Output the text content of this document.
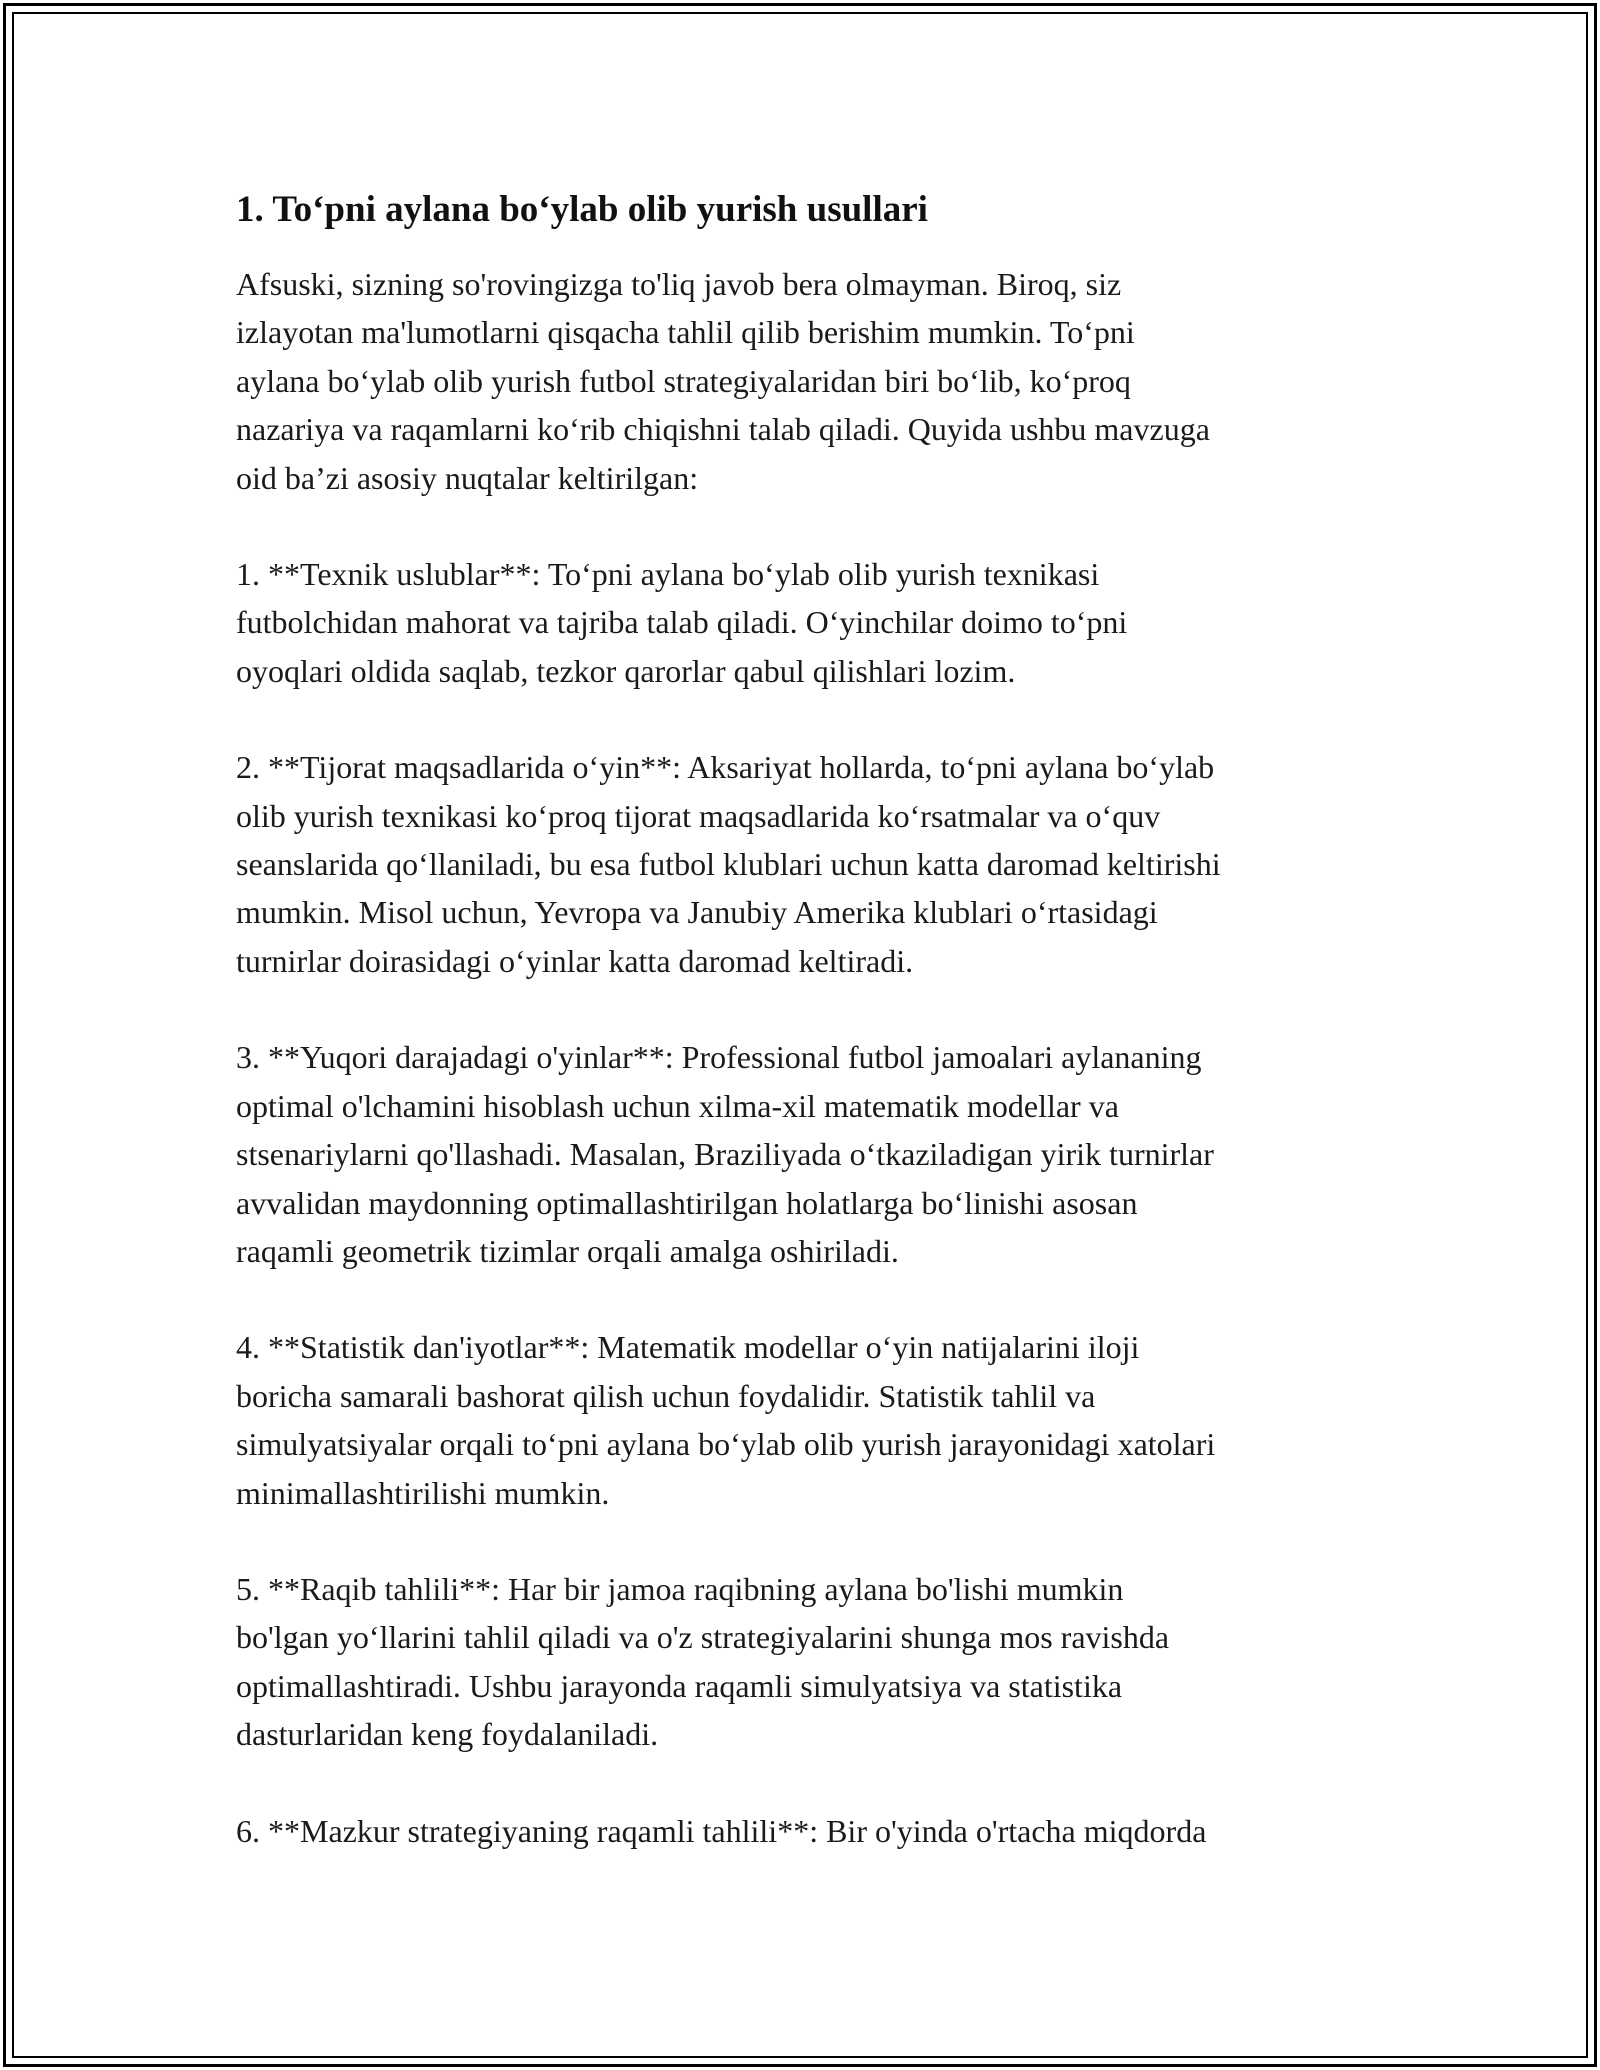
1. To‘pni aylana bo‘ylab olib yurish usullari

Afsuski, sizning so'rovingizga to'liq javob bera olmayman. Biroq, siz
izlayotan ma'lumotlarni qisqacha tahlil qilib berishim mumkin. To‘pni
aylana bo‘ylab olib yurish futbol strategiyalaridan biri bo‘lib, ko‘proq
nazariya va raqamlarni ko‘rib chiqishni talab qiladi. Quyida ushbu mavzuga
oid ba’zi asosiy nuqtalar keltirilgan:

1. **Texnik uslublar**: To‘pni aylana bo‘ylab olib yurish texnikasi
futbolchidan mahorat va tajriba talab qiladi. O‘yinchilar doimo to‘pni
oyoqlari oldida saqlab, tezkor qarorlar qabul qilishlari lozim.

2. **Tijorat maqsadlarida o‘yin**: Aksariyat hollarda, to‘pni aylana bo‘ylab
olib yurish texnikasi ko‘proq tijorat maqsadlarida ko‘rsatmalar va o‘quv
seanslarida qo‘llaniladi, bu esa futbol klublari uchun katta daromad keltirishi
mumkin. Misol uchun, Yevropa va Janubiy Amerika klublari o‘rtasidagi
turnirlar doirasidagi o‘yinlar katta daromad keltiradi.

3. **Yuqori darajadagi o'yinlar**: Professional futbol jamoalari aylananing
optimal o'lchamini hisoblash uchun xilma-xil matematik modellar va
stsenariylarni qo'llashadi. Masalan, Braziliyada o‘tkaziladigan yirik turnirlar
avvalidan maydonning optimallashtirilgan holatlarga bo‘linishi asosan
raqamli geometrik tizimlar orqali amalga oshiriladi.

4. **Statistik dan'iyotlar**: Matematik modellar o‘yin natijalarini iloji
boricha samarali bashorat qilish uchun foydalidir. Statistik tahlil va
simulyatsiyalar orqali to‘pni aylana bo‘ylab olib yurish jarayonidagi xatolari
minimallashtirilishi mumkin.

5. **Raqib tahlili**: Har bir jamoa raqibning aylana bo'lishi mumkin
bo'lgan yo‘llarini tahlil qiladi va o'z strategiyalarini shunga mos ravishda
optimallashtiradi. Ushbu jarayonda raqamli simulyatsiya va statistika
dasturlaridan keng foydalaniladi.

6. **Mazkur strategiyaning raqamli tahlili**: Bir o'yinda o'rtacha miqdorda
